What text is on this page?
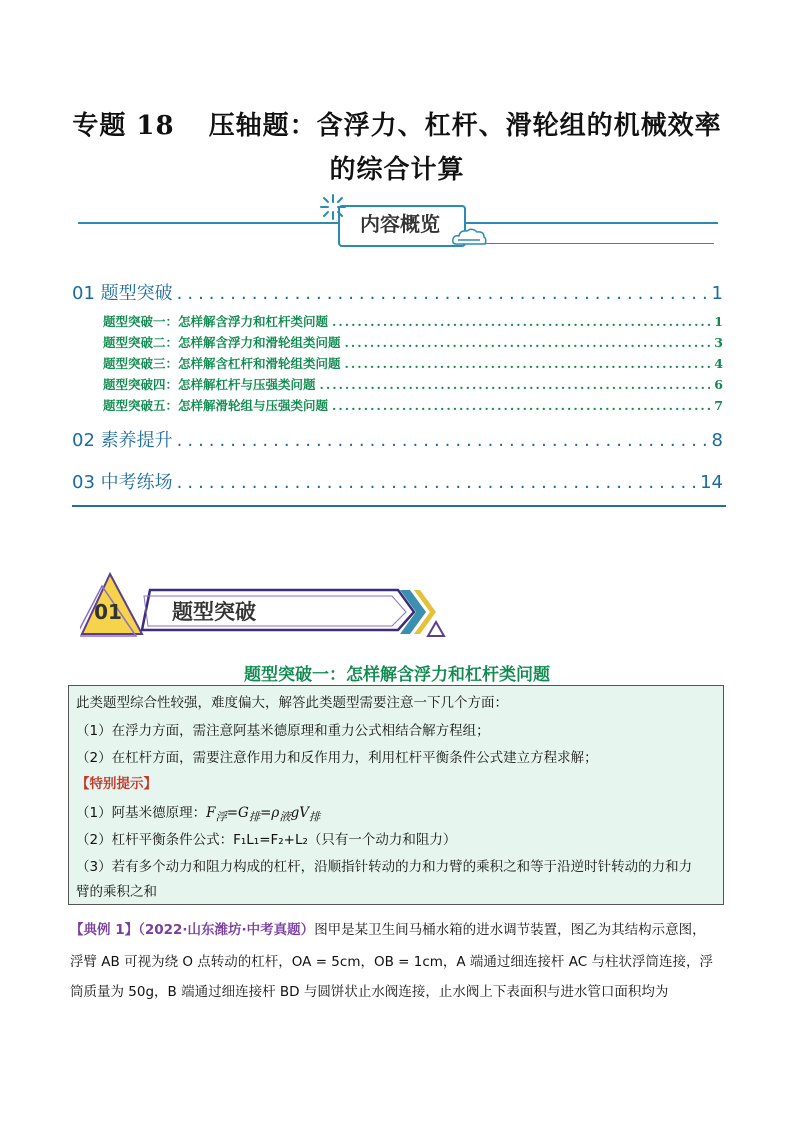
专题 18 压轴题：含浮力、杠杆、滑轮组的机械效率
的综合计算
内容概览
01 题型突破 .....	1
题型突破一：怎样解含浮力和杠杆类问题 .....	1
题型突破二：怎样解含浮力和滑轮组类问题 .....	3
题型突破三：怎样解含杠杆和滑轮组类问题 .....	4
题型突破四：怎样解杠杆与压强类问题 .....	6
题型突破五：怎样解滑轮组与压强类问题 .....	7
02 素养提升 .....	8
03 中考练场 .....	14
01 题型突破
题型突破一：怎样解含浮力和杠杆类问题
此类题型综合性较强，难度偏大，解答此类题型需要注意一下几个方面：
（1）在浮力方面，需注意阿基米德原理和重力公式相结合解方程组；
（2）在杠杆方面，需要注意作用力和反作用力，利用杠杆平衡条件公式建立方程求解；
【特别提示】
（1）阿基米德原理：$F_浮=G_排=\rho_液gV_排$
（2）杠杆平衡条件公式：F₁L₁=F₂+L₂（只有一个动力和阻力）
（3）若有多个动力和阻力构成的杠杆，沿顺指针转动的力和力臂的乘积之和等于沿逆时针转动的力和力
臂的乘积之和
【典例 1】（2022·山东潍坊·中考真题）图甲是某卫生间马桶水箱的进水调节装置，图乙为其结构示意图，
浮臂 AB 可视为绕 O 点转动的杠杆，OA = 5cm，OB = 1cm，A 端通过细连接杆 AC 与柱状浮筒连接，浮
筒质量为 50g，B 端通过细连接杆 BD 与圆饼状止水阀连接，止水阀上下表面积与进水管口面积均为
